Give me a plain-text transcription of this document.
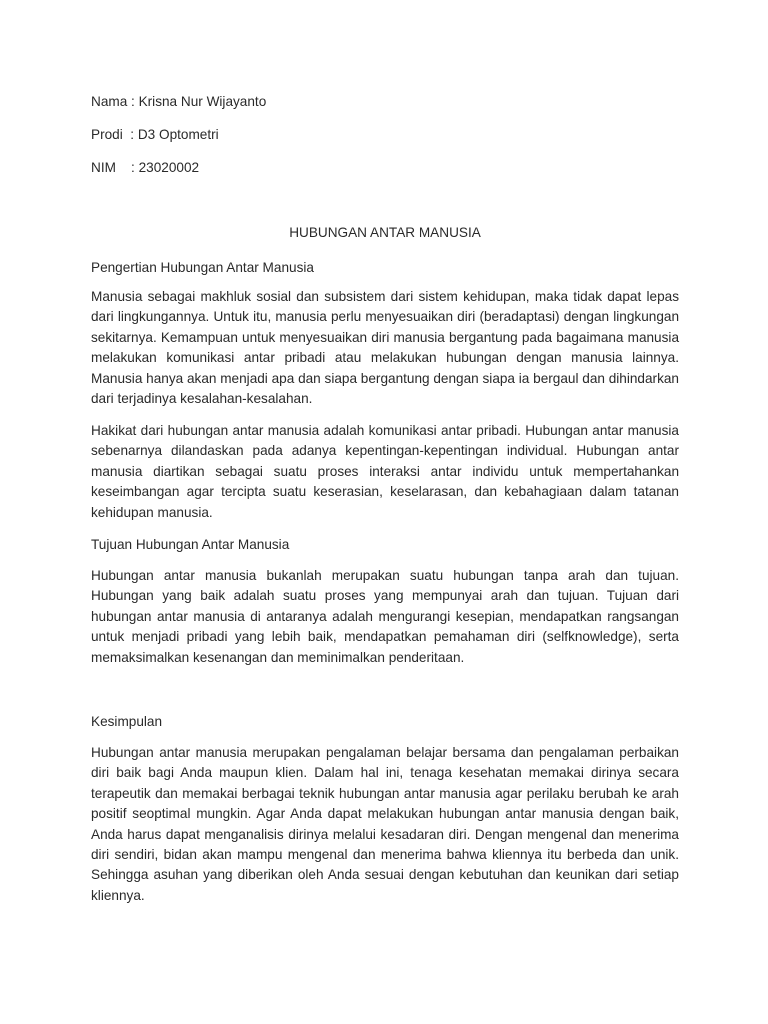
Nama : Krisna Nur Wijayanto
Prodi  : D3 Optometri
NIM    : 23020002
HUBUNGAN ANTAR MANUSIA
Pengertian Hubungan Antar Manusia

Manusia sebagai makhluk sosial dan subsistem dari sistem kehidupan, maka tidak dapat lepas dari lingkungannya. Untuk itu, manusia perlu menyesuaikan diri (beradaptasi) dengan lingkungan sekitarnya. Kemampuan untuk menyesuaikan diri manusia bergantung pada bagaimana manusia melakukan komunikasi antar pribadi atau melakukan hubungan dengan manusia lainnya. Manusia hanya akan menjadi apa dan siapa bergantung dengan siapa ia bergaul dan dihindarkan dari terjadinya kesalahan-kesalahan.

Hakikat dari hubungan antar manusia adalah komunikasi antar pribadi. Hubungan antar manusia sebenarnya dilandaskan pada adanya kepentingan-kepentingan individual. Hubungan antar manusia diartikan sebagai suatu proses interaksi antar individu untuk mempertahankan keseimbangan agar tercipta suatu keserasian, keselarasan, dan kebahagiaan dalam tatanan kehidupan manusia.

Tujuan Hubungan Antar Manusia

Hubungan antar manusia bukanlah merupakan suatu hubungan tanpa arah dan tujuan. Hubungan yang baik adalah suatu proses yang mempunyai arah dan tujuan. Tujuan dari hubungan antar manusia di antaranya adalah mengurangi kesepian, mendapatkan rangsangan untuk menjadi pribadi yang lebih baik, mendapatkan pemahaman diri (selfknowledge), serta memaksimalkan kesenangan dan meminimalkan penderitaan.

Kesimpulan

Hubungan antar manusia merupakan pengalaman belajar bersama dan pengalaman perbaikan diri baik bagi Anda maupun klien. Dalam hal ini, tenaga kesehatan memakai dirinya secara terapeutik dan memakai berbagai teknik hubungan antar manusia agar perilaku berubah ke arah positif seoptimal mungkin. Agar Anda dapat melakukan hubungan antar manusia dengan baik, Anda harus dapat menganalisis dirinya melalui kesadaran diri. Dengan mengenal dan menerima diri sendiri, bidan akan mampu mengenal dan menerima bahwa kliennya itu berbeda dan unik. Sehingga asuhan yang diberikan oleh Anda sesuai dengan kebutuhan dan keunikan dari setiap kliennya.
